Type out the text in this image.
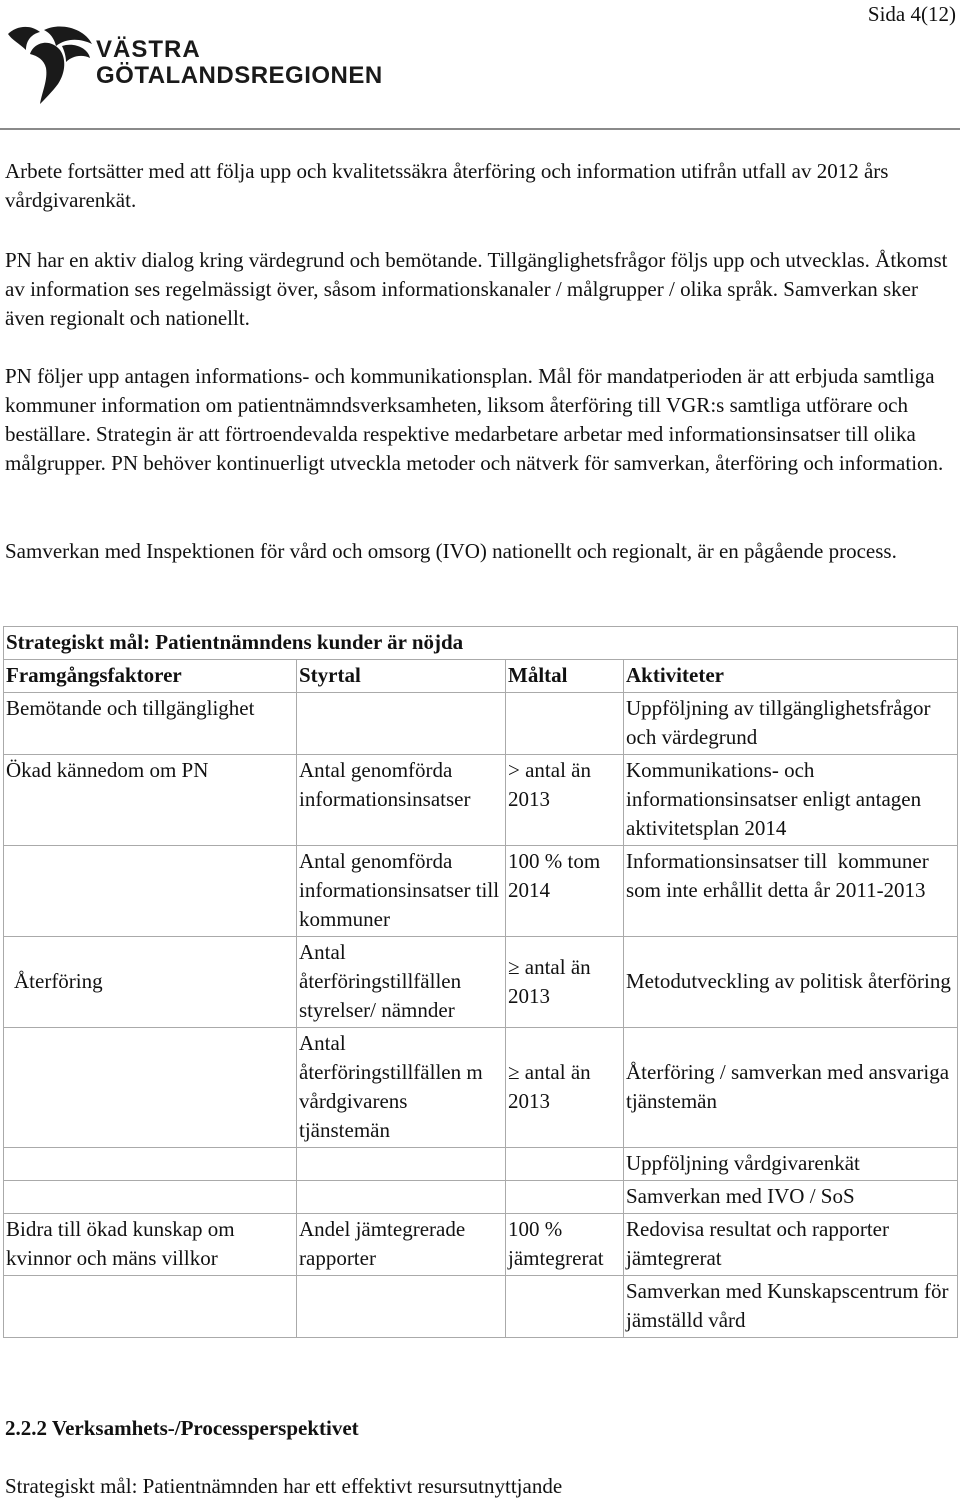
Sida 4(12)
VÄSTRA
GÖTALANDSREGIONEN

Arbete fortsätter med att följa upp och kvalitetssäkra återföring och information utifrån utfall av 2012 års vårdgivarenkät.

PN har en aktiv dialog kring värdegrund och bemötande. Tillgänglighetsfrågor följs upp och utvecklas. Åtkomst av information ses regelmässigt över, såsom informationskanaler / målgrupper / olika språk. Samverkan sker även regionalt och nationellt.

PN följer upp antagen informations- och kommunikationsplan. Mål för mandatperioden är att erbjuda samtliga kommuner information om patientnämndsverksamheten, liksom återföring till VGR:s samtliga utförare och beställare. Strategin är att förtroendevalda respektive medarbetare arbetar med informationsinsatser till olika målgrupper. PN behöver kontinuerligt utveckla metoder och nätverk för samverkan, återföring och information.

Samverkan med Inspektionen för vård och omsorg (IVO) nationellt och regionalt, är en pågående process.

Strategiskt mål: Patientnämndens kunder är nöjda			
Framgångsfaktorer	Styrtal	Måltal	Aktiviteter
Bemötande och tillgänglighet			Uppföljning av tillgänglighetsfrågor och värdegrund
Ökad kännedom om PN	Antal genomförda informationsinsatser	> antal än 2013	Kommunikations- och informationsinsatser enligt antagen aktivitetsplan 2014
	Antal genomförda informationsinsatser till kommuner	100 % tom 2014	Informationsinsatser till  kommuner som inte erhållit detta år 2011-2013
Återföring	Antal återföringstillfällen styrelser/ nämnder	≥ antal än 2013	Metodutveckling av politisk återföring
	Antal återföringstillfällen m vårdgivarens tjänstemän	≥ antal än 2013	Återföring / samverkan med ansvariga tjänstemän
			Uppföljning vårdgivarenkät
			Samverkan med IVO / SoS
Bidra till ökad kunskap om kvinnor och mäns villkor	Andel jämtegrerade rapporter	100 % jämtegrerat	Redovisa resultat och rapporter jämtegrerat
			Samverkan med Kunskapscentrum för jämställd vård
2.2.2 Verksamhets-/Processperspektivet
Strategiskt mål: Patientnämnden har ett effektivt resursutnyttjande
